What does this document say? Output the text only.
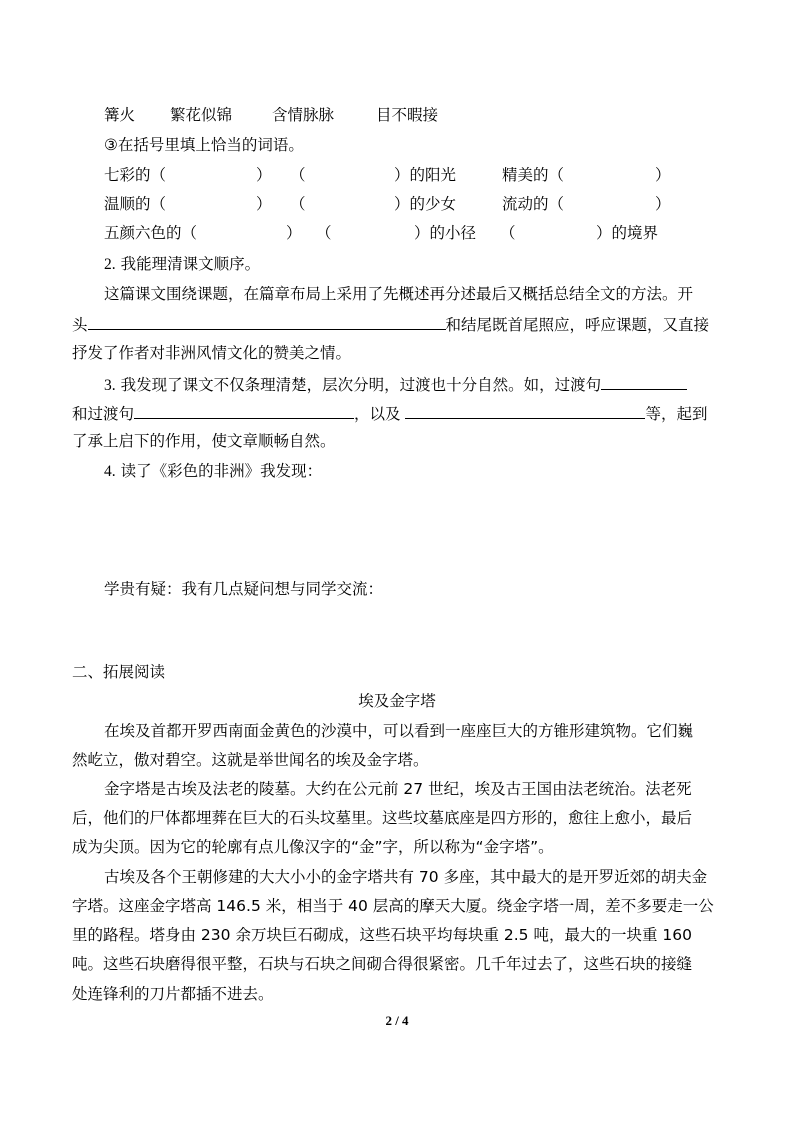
篝火 繁花似锦	含情脉脉	目不暇接
③在括号里填上恰当的词语。
七彩的（	） （	）的阳光	精美的（	）
温顺的（	） （	）的少女	流动的（	）
五颜六色的（	） （	）的小径 （	）的境界
2. 我能理清课文顺序。
这篇课文围绕课题，在篇章布局上采用了先概述再分述最后又概括总结全文的方法。开
头	和结尾既首尾照应，呼应课题，又直接
抒发了作者对非洲风情文化的赞美之情。
3. 我发现了课文不仅条理清楚，层次分明，过渡也十分自然。如，过渡句
和过渡句	，以及	等，起到
了承上启下的作用，使文章顺畅自然。
4. 读了《彩色的非洲》我发现：
学贵有疑：我有几点疑问想与同学交流：
二、拓展阅读
埃及金字塔
在埃及首都开罗西南面金黄色的沙漠中，可以看到一座座巨大的方锥形建筑物。它们巍
然屹立，傲对碧空。这就是举世闻名的埃及金字塔。
金字塔是古埃及法老的陵墓。大约在公元前 27 世纪，埃及古王国由法老统治。法老死
后，他们的尸体都埋葬在巨大的石头坟墓里。这些坟墓底座是四方形的，愈往上愈小，最后
成为尖顶。因为它的轮廓有点儿像汉字的“金”字，所以称为“金字塔”。
古埃及各个王朝修建的大大小小的金字塔共有 70 多座，其中最大的是开罗近郊的胡夫金
字塔。这座金字塔高 146.5 米，相当于 40 层高的摩天大厦。绕金字塔一周，差不多要走一公
里的路程。塔身由 230 余万块巨石砌成，这些石块平均每块重 2.5 吨，最大的一块重 160
吨。这些石块磨得很平整，石块与石块之间砌合得很紧密。几千年过去了，这些石块的接缝
处连锋利的刀片都插不进去。
2 / 4
